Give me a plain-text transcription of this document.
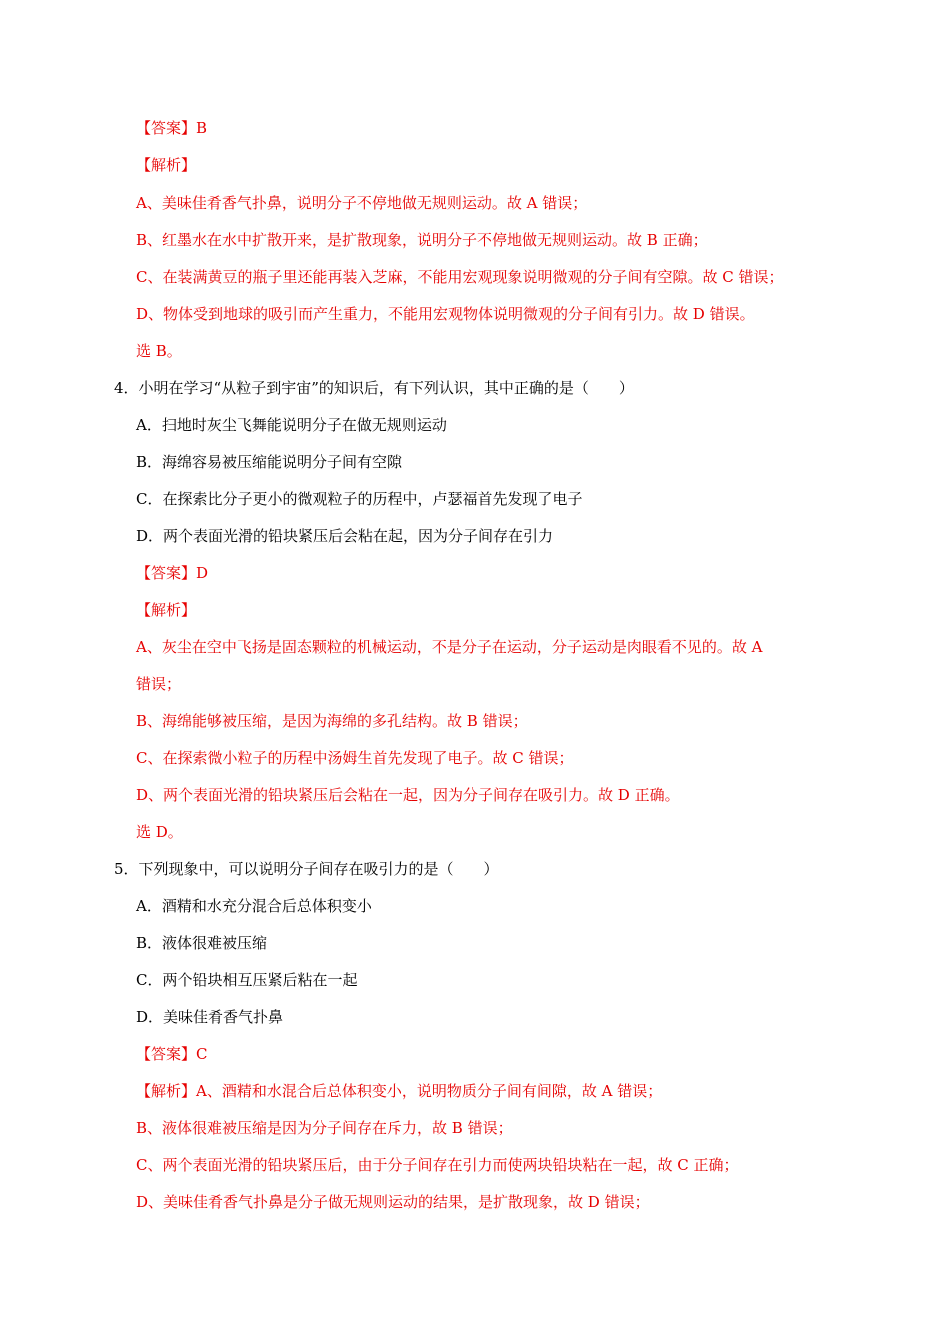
【答案】B
【解析】
A、美味佳肴香气扑鼻，说明分子不停地做无规则运动。故 A 错误；
B、红墨水在水中扩散开来，是扩散现象，说明分子不停地做无规则运动。故 B 正确；
C、在装满黄豆的瓶子里还能再装入芝麻，不能用宏观现象说明微观的分子间有空隙。故 C 错误；
D、物体受到地球的吸引而产生重力，不能用宏观物体说明微观的分子间有引力。故 D 错误。
选 B。
4．小明在学习“从粒子到宇宙”的知识后，有下列认识，其中正确的是（　　）
A．扫地时灰尘飞舞能说明分子在做无规则运动
B．海绵容易被压缩能说明分子间有空隙
C．在探索比分子更小的微观粒子的历程中，卢瑟福首先发现了电子
D．两个表面光滑的铅块紧压后会粘在起，因为分子间存在引力
【答案】D
【解析】
A、灰尘在空中飞扬是固态颗粒的机械运动，不是分子在运动，分子运动是肉眼看不见的。故 A
错误；
B、海绵能够被压缩，是因为海绵的多孔结构。故 B 错误；
C、在探索微小粒子的历程中汤姆生首先发现了电子。故 C 错误；
D、两个表面光滑的铅块紧压后会粘在一起，因为分子间存在吸引力。故 D 正确。
选 D。
5．下列现象中，可以说明分子间存在吸引力的是（　　）
A．酒精和水充分混合后总体积变小
B．液体很难被压缩
C．两个铅块相互压紧后粘在一起
D．美味佳肴香气扑鼻
【答案】C
【解析】A、酒精和水混合后总体积变小，说明物质分子间有间隙，故 A 错误；
B、液体很难被压缩是因为分子间存在斥力，故 B 错误；
C、两个表面光滑的铅块紧压后，由于分子间存在引力而使两块铅块粘在一起，故 C 正确；
D、美味佳肴香气扑鼻是分子做无规则运动的结果，是扩散现象，故 D 错误；
